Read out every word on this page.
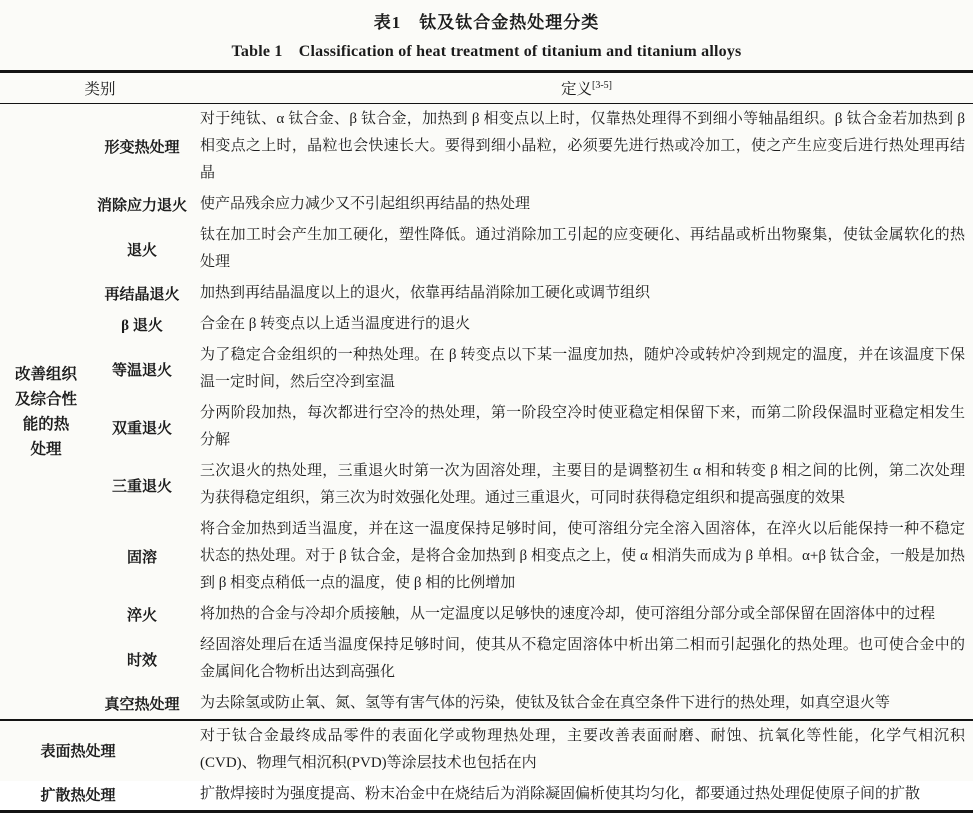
表1　钛及钛合金热处理分类
Table 1　Classification of heat treatment of titanium and titanium alloys
类别		定义[3-5]

改善组织
及综合性
能的热
处理	形变热处理	对于纯钛、α 钛合金、β 钛合金，加热到 β 相变点以上时，仅靠热处理得不到细小等轴晶组织。β 钛合金若加热到 β 相变点之上时，晶粒也会快速长大。要得到细小晶粒，必须要先进行热或冷加工，使之产生应变后进行热处理再结晶
	消除应力退火	使产品残余应力减少又不引起组织再结晶的热处理
	退火	钛在加工时会产生加工硬化，塑性降低。通过消除加工引起的应变硬化、再结晶或析出物聚集，使钛金属软化的热处理
	再结晶退火	加热到再结晶温度以上的退火，依靠再结晶消除加工硬化或调节组织
	β 退火	合金在 β 转变点以上适当温度进行的退火
	等温退火	为了稳定合金组织的一种热处理。在 β 转变点以下某一温度加热，随炉冷或转炉冷到规定的温度，并在该温度下保温一定时间，然后空冷到室温
	双重退火	分两阶段加热，每次都进行空冷的热处理，第一阶段空冷时使亚稳定相保留下来，而第二阶段保温时亚稳定相发生分解
	三重退火	三次退火的热处理，三重退火时第一次为固溶处理，主要目的是调整初生 α 相和转变 β 相之间的比例，第二次处理为获得稳定组织，第三次为时效强化处理。通过三重退火，可同时获得稳定组织和提高强度的效果
	固溶	将合金加热到适当温度，并在这一温度保持足够时间，使可溶组分完全溶入固溶体，在淬火以后能保持一种不稳定状态的热处理。对于 β 钛合金，是将合金加热到 β 相变点之上，使 α 相消失而成为 β 单相。α+β 钛合金，一般是加热到 β 相变点稍低一点的温度，使 β 相的比例增加
	淬火	将加热的合金与冷却介质接触，从一定温度以足够快的速度冷却，使可溶组分部分或全部保留在固溶体中的过程
	时效	经固溶处理后在适当温度保持足够时间，使其从不稳定固溶体中析出第二相而引起强化的热处理。也可使合金中的金属间化合物析出达到高强化
	真空热处理	为去除氢或防止氧、氮、氢等有害气体的污染，使钛及钛合金在真空条件下进行的热处理，如真空退火等
表面热处理		对于钛合金最终成品零件的表面化学或物理热处理，主要改善表面耐磨、耐蚀、抗氧化等性能，化学气相沉积(CVD)、物理气相沉积(PVD)等涂层技术也包括在内
扩散热处理		扩散焊接时为强度提高、粉末冶金中在烧结后为消除凝固偏析使其均匀化，都要通过热处理促使原子间的扩散
